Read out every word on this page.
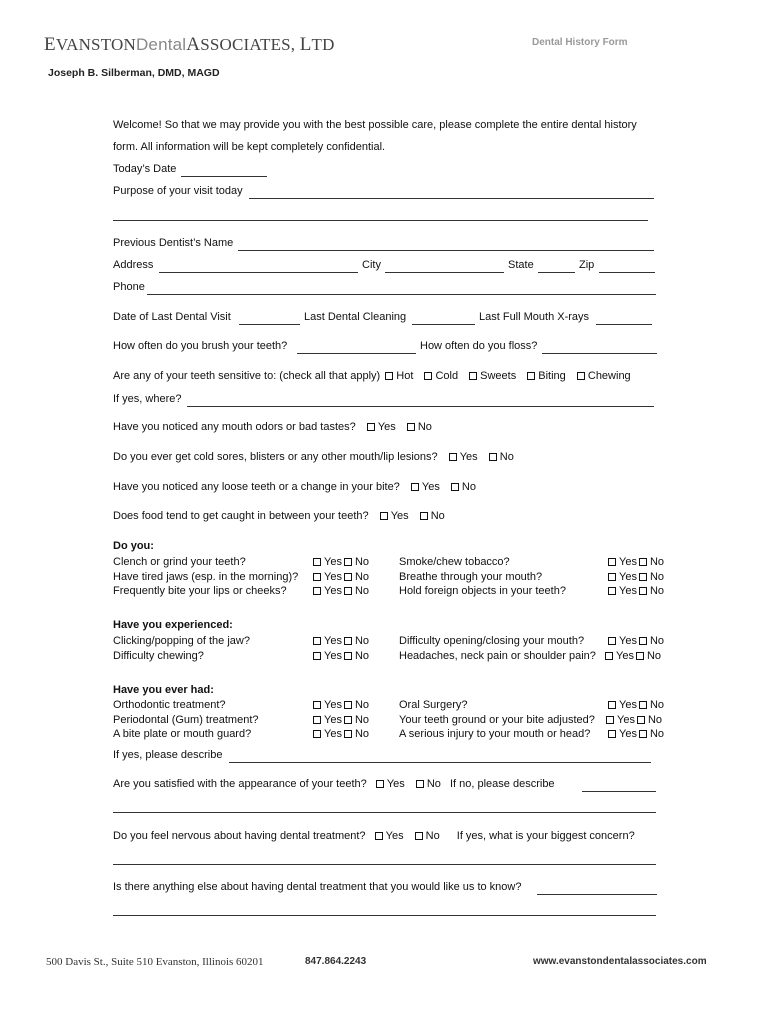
EVANSTONDentalASSOCIATES, LTD	Dental History Form
Joseph B. Silberman, DMD, MAGD
Welcome! So that we may provide you with the best possible care, please complete the entire dental history
form. All information will be kept completely confidential.
Today’s Date
Purpose of your visit today
Previous Dentist’s Name
Address	City	State	Zip
Phone
Date of Last Dental Visit	Last Dental Cleaning	Last Full Mouth X-rays
How often do you brush your teeth?	How often do you floss?
Are any of your teeth sensitive to: (check all that apply) Hot Cold Sweets Biting Chewing
If yes, where?
Have you noticed any mouth odors or bad tastes? Yes No
Do you ever get cold sores, blisters or any other mouth/lip lesions? Yes No
Have you noticed any loose teeth or a change in your bite? Yes No
Does food tend to get caught in between your teeth? Yes No
Do you:
Clench or grind your teeth?	Yes No	Smoke/chew tobacco?	Yes No
Have tired jaws (esp. in the morning)?	Yes No	Breathe through your mouth?	Yes No
Frequently bite your lips or cheeks?	Yes No	Hold foreign objects in your teeth?	Yes No
Have you experienced:
Clicking/popping of the jaw?	Yes No	Difficulty opening/closing your mouth?	Yes No
Difficulty chewing?	Yes No	Headaches, neck pain or shoulder pain?	Yes No
Have you ever had:
Orthodontic treatment?	Yes No	Oral Surgery?	Yes No
Periodontal (Gum) treatment?	Yes No	Your teeth ground or your bite adjusted?	Yes No
A bite plate or mouth guard?	Yes No	A serious injury to your mouth or head?	Yes No
If yes, please describe
Are you satisfied with the appearance of your teeth? Yes No If no, please describe
Do you feel nervous about having dental treatment? Yes No If yes, what is your biggest concern?
Is there anything else about having dental treatment that you would like us to know?
500 Davis St., Suite 510 Evanston, Illinois 60201	847.864.2243	www.evanstondentalassociates.com
